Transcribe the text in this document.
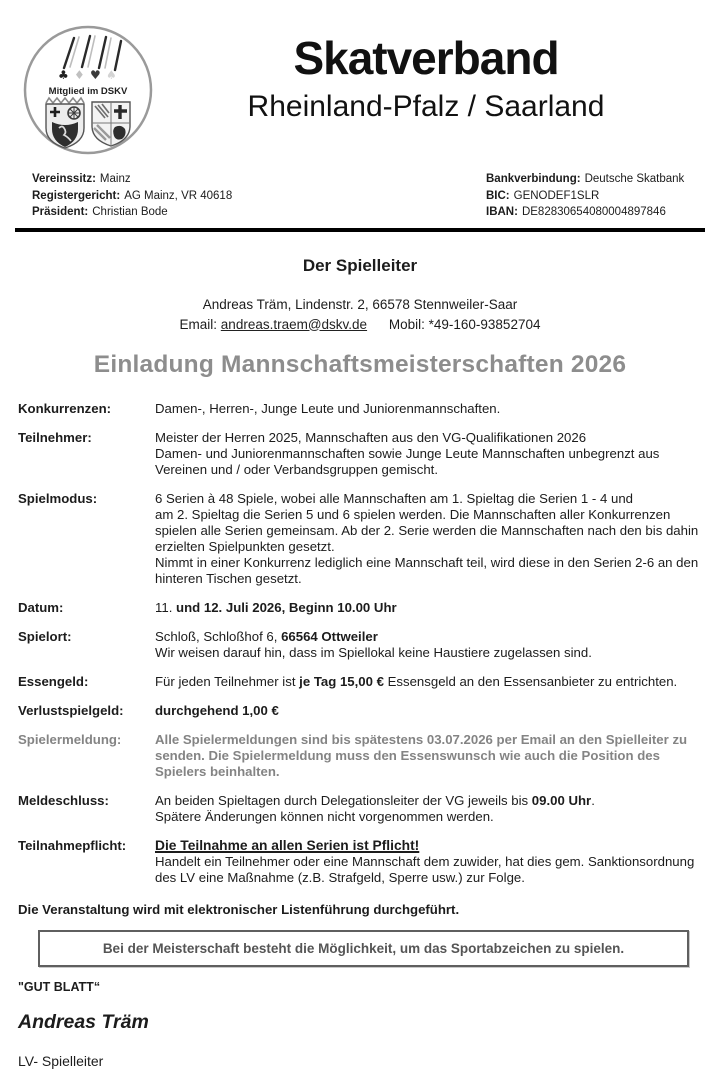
♣ ♦ ♥ ♠
Mitglied im DSKV
Skatverband
Rheinland-Pfalz / Saarland
Vereinssitz: Mainz
Registergericht: AG Mainz, VR 40618
Präsident: Christian Bode
Bankverbindung: Deutsche Skatbank
BIC: GENODEF1SLR
IBAN: DE82830654080004897846
Der Spielleiter
Andreas Träm, Lindenstr. 2, 66578 Stennweiler-Saar
Email: andreas.traem@dskv.de Mobil: *49-160-93852704
Einladung Mannschaftsmeisterschaften 2026
Konkurrenzen:	Damen-, Herren-, Junge Leute und Juniorenmannschaften.
Teilnehmer:	Meister der Herren 2025, Mannschaften aus den VG-Qualifikationen 2026
Damen- und Juniorenmannschaften sowie Junge Leute Mannschaften unbegrenzt aus
Vereinen und / oder Verbandsgruppen gemischt.
Spielmodus:	6 Serien à 48 Spiele, wobei alle Mannschaften am 1. Spieltag die Serien 1 - 4 und
am 2. Spieltag die Serien 5 und 6 spielen werden. Die Mannschaften aller Konkurrenzen
spielen alle Serien gemeinsam. Ab der 2. Serie werden die Mannschaften nach den bis dahin
erzielten Spielpunkten gesetzt.
Nimmt in einer Konkurrenz lediglich eine Mannschaft teil, wird diese in den Serien 2-6 an den
hinteren Tischen gesetzt.
Datum:	11. und 12. Juli 2026, Beginn 10.00 Uhr
Spielort:	Schloß, Schloßhof 6, 66564 Ottweiler
Wir weisen darauf hin, dass im Spiellokal keine Haustiere zugelassen sind.
Essengeld:	Für jeden Teilnehmer ist je Tag 15,00 € Essensgeld an den Essensanbieter zu entrichten.
Verlustspielgeld:	durchgehend 1,00 €
Spielermeldung:	Alle Spielermeldungen sind bis spätestens 03.07.2026 per Email an den Spielleiter zu
senden. Die Spielermeldung muss den Essenswunsch wie auch die Position des
Spielers beinhalten.
Meldeschluss:	An beiden Spieltagen durch Delegationsleiter der VG jeweils bis 09.00 Uhr.
Spätere Änderungen können nicht vorgenommen werden.
Teilnahmepflicht:	Die Teilnahme an allen Serien ist Pflicht!
Handelt ein Teilnehmer oder eine Mannschaft dem zuwider, hat dies gem. Sanktionsordnung
des LV eine Maßnahme (z.B. Strafgeld, Sperre usw.) zur Folge.

Die Veranstaltung wird mit elektronischer Listenführung durchgeführt.

Bei der Meisterschaft besteht die Möglichkeit, um das Sportabzeichen zu spielen.
"GUT BLATT“
Andreas Träm
LV- Spielleiter
